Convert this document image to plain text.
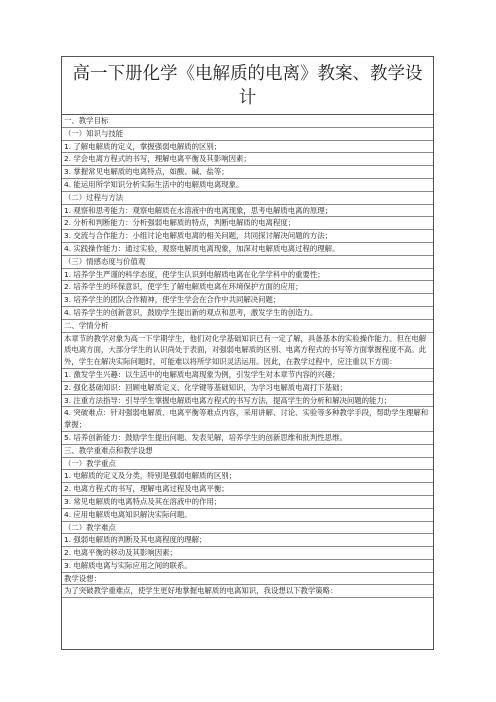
高一下册化学《电解质的电离》教案、教学设计
一、教学目标
（一）知识与技能
1. 了解电解质的定义，掌握强弱电解质的区别；
2. 学会电离方程式的书写，理解电离平衡及其影响因素；
3. 掌握常见电解质的电离特点，如酸、碱、盐等；
4. 能运用所学知识分析实际生活中的电解质电离现象。
（二）过程与方法
1. 观察和思考能力：观察电解质在水溶液中的电离现象，思考电解质电离的原理；
2. 分析和判断能力：分析强弱电解质的特点，判断电解质的电离程度；
3. 交流与合作能力：小组讨论电解质电离的相关问题，共同探讨解决问题的方法；
4. 实践操作能力：通过实验，观察电解质电离现象，加深对电解质电离过程的理解。
（三）情感态度与价值观
1. 培养学生严谨的科学态度，使学生认识到电解质电离在化学学科中的重要性；
2. 培养学生的环保意识，使学生了解电解质电离在环境保护方面的应用；
3. 培养学生的团队合作精神，使学生学会在合作中共同解决问题；
4. 培养学生的创新意识，鼓励学生提出新的观点和思考，激发学生的创造力。
二、学情分析
本章节的教学对象为高一下学期学生，他们对化学基础知识已有一定了解，具备基本的实验操作能力。但在电解质电离方面，大部分学生的认识尚处于表面，对强弱电解质的区别、电离方程式的书写等方面掌握程度不高。此外，学生在解决实际问题时，可能难以将所学知识灵活运用。因此，在教学过程中，应注重以下方面：
1. 激发学生兴趣：以生活中的电解质电离现象为例，引发学生对本章节内容的兴趣；
2. 强化基础知识：回顾电解质定义、化学键等基础知识，为学习电解质电离打下基础；
3. 注重方法指导：引导学生掌握电解质电离方程式的书写方法，提高学生的分析和解决问题的能力；
4. 突破难点：针对强弱电解质、电离平衡等难点内容，采用讲解、讨论、实验等多种教学手段，帮助学生理解和掌握；
5. 培养创新能力：鼓励学生提出问题、发表见解，培养学生的创新思维和批判性思维。
三、教学重难点和教学设想
（一）教学重点
1. 电解质的定义及分类，特别是强弱电解质的区别；
2. 电离方程式的书写，理解电离过程及电离平衡；
3. 常见电解质的电离特点及其在溶液中的作用；
4. 应用电解质电离知识解决实际问题。
（二）教学难点
1. 强弱电解质的判断及其电离程度的理解；
2. 电离平衡的移动及其影响因素；
3. 电解质电离与实际应用之间的联系。
教学设想：
为了突破教学重难点，使学生更好地掌握电解质的电离知识，我设想以下教学策略：
